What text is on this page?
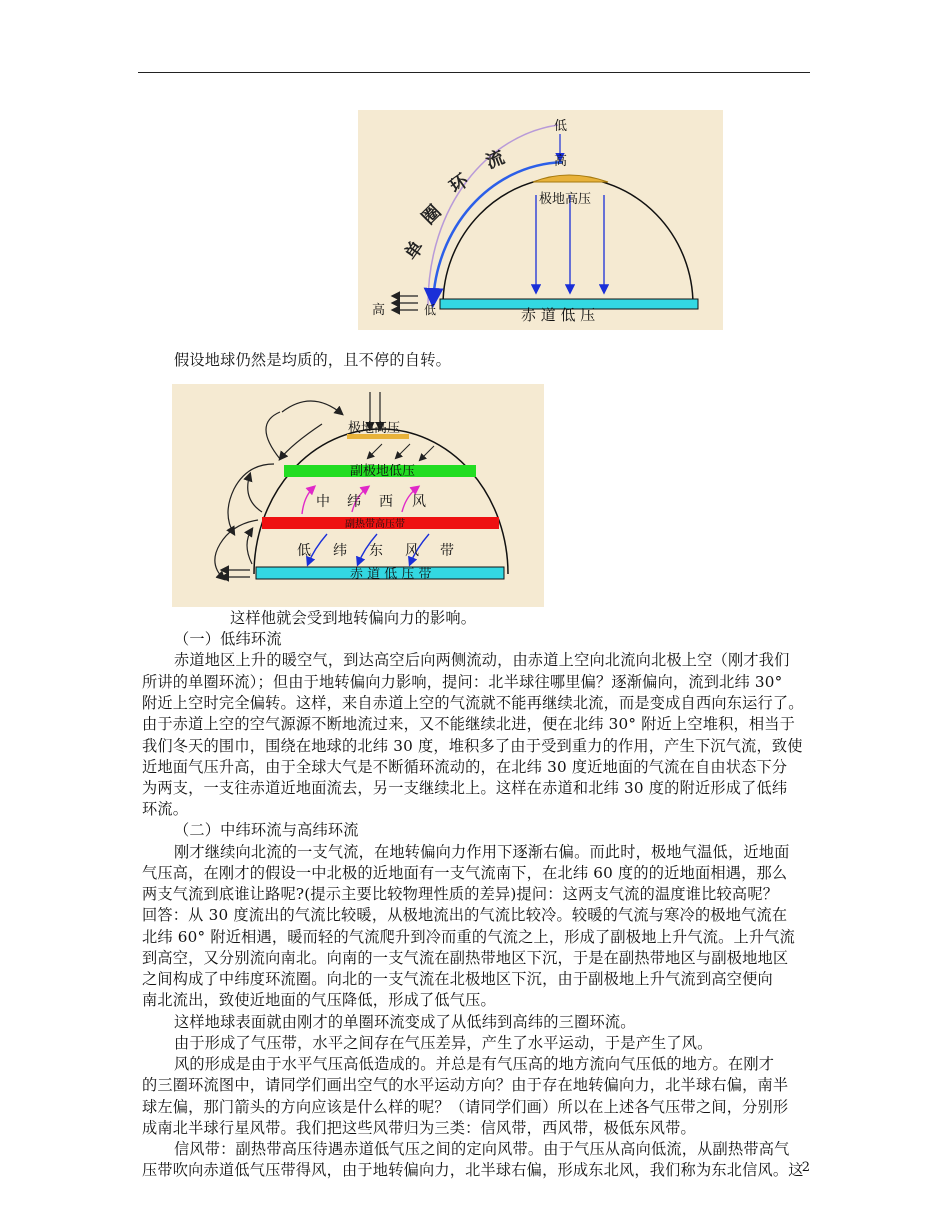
低
高
单
圈
环
流
极地高压
赤 道 低 压
高	低
假设地球仍然是均质的，且不停的自转。
极地高压
副极地低压
中 纬 西 风
副热带高压带
低 纬 东 风 带
赤 道 低 压 带
这样他就会受到地转偏向力的影响。
（一）低纬环流
赤道地区上升的暖空气，到达高空后向两侧流动，由赤道上空向北流向北极上空（刚才我们
所讲的单圈环流）；但由于地转偏向力影响，提问：北半球往哪里偏？逐渐偏向，流到北纬 30°
附近上空时完全偏转。这样，来自赤道上空的气流就不能再继续北流，而是变成自西向东运行了。
由于赤道上空的空气源源不断地流过来，又不能继续北进，便在北纬 30° 附近上空堆积，相当于
我们冬天的围巾，围绕在地球的北纬 30 度，堆积多了由于受到重力的作用，产生下沉气流，致使
近地面气压升高，由于全球大气是不断循环流动的，在北纬 30 度近地面的气流在自由状态下分
为两支，一支往赤道近地面流去，另一支继续北上。这样在赤道和北纬 30 度的附近形成了低纬
环流。
（二）中纬环流与高纬环流
刚才继续向北流的一支气流，在地转偏向力作用下逐渐右偏。而此时，极地气温低，近地面
气压高，在刚才的假设一中北极的近地面有一支气流南下，在北纬 60 度的的近地面相遇，那么
两支气流到底谁让路呢?(提示主要比较物理性质的差异)提问：这两支气流的温度谁比较高呢？
回答：从 30 度流出的气流比较暖，从极地流出的气流比较冷。较暖的气流与寒冷的极地气流在
北纬 60° 附近相遇，暖而轻的气流爬升到冷而重的气流之上，形成了副极地上升气流。上升气流
到高空，又分别流向南北。向南的一支气流在副热带地区下沉，于是在副热带地区与副极地地区
之间构成了中纬度环流圈。向北的一支气流在北极地区下沉，由于副极地上升气流到高空便向
南北流出，致使近地面的气压降低，形成了低气压。
这样地球表面就由刚才的单圈环流变成了从低纬到高纬的三圈环流。
由于形成了气压带，水平之间存在气压差异，产生了水平运动，于是产生了风。
风的形成是由于水平气压高低造成的。并总是有气压高的地方流向气压低的地方。在刚才
的三圈环流图中，请同学们画出空气的水平运动方向？由于存在地转偏向力，北半球右偏，南半
球左偏，那门箭头的方向应该是什么样的呢？（请同学们画）所以在上述各气压带之间，分别形
成南北半球行星风带。我们把这些风带归为三类：信风带，西风带，极低东风带。
信风带：副热带高压待遇赤道低气压之间的定向风带。由于气压从高向低流，从副热带高气
压带吹向赤道低气压带得风，由于地转偏向力，北半球右偏，形成东北风，我们称为东北信风。这
2
